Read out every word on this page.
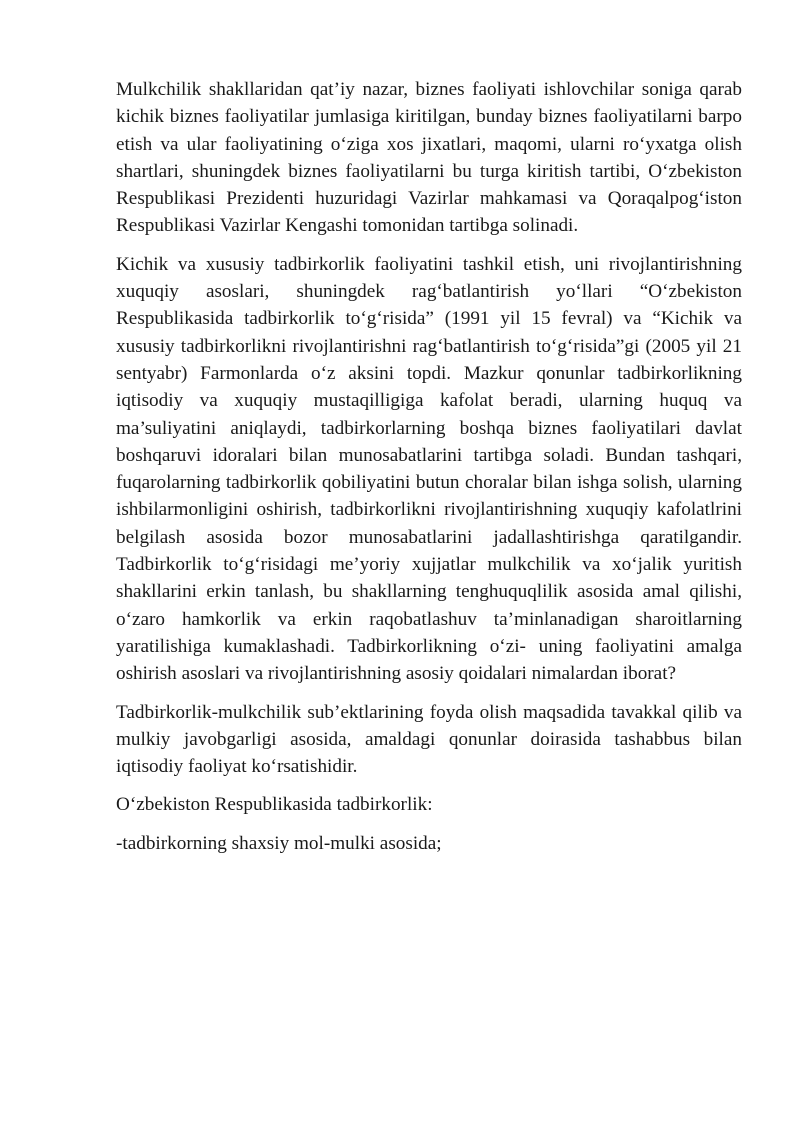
Mulkchilik shakllaridan qat’iy nazar, biznes faoliyati ishlovchilar soniga qarab kichik biznes faoliyatilar jumlasiga kiritilgan, bunday biznes faoliyatilarni barpo etish va ular faoliyatining o‘ziga xos jixatlari, maqomi, ularni ro‘yxatga olish shartlari, shuningdek biznes faoliyatilarni bu turga kiritish tartibi, O‘zbekiston Respublikasi Prezidenti huzuridagi Vazirlar mahkamasi va Qoraqalpog‘iston Respublikasi Vazirlar Kengashi tomonidan tartibga solinadi.

Kichik va xususiy tadbirkorlik faoliyatini tashkil etish, uni rivojlantirishning xuquqiy asoslari, shuningdek rag‘batlantirish yo‘llari “O‘zbekiston Respublikasida tadbirkorlik to‘g‘risida” (1991 yil 15 fevral) va “Kichik va xususiy tadbirkorlikni rivojlantirishni rag‘batlantirish to‘g‘risida”gi (2005 yil 21 sentyabr) Farmonlarda o‘z aksini topdi. Mazkur qonunlar tadbirkorlikning iqtisodiy va xuquqiy mustaqilligiga kafolat beradi, ularning huquq va ma’suliyatini aniqlaydi, tadbirkorlarning boshqa biznes faoliyatilari davlat boshqaruvi idoralari bilan munosabatlarini tartibga soladi. Bundan tashqari, fuqarolarning tadbirkorlik qobiliyatini butun choralar bilan ishga solish, ularning ishbilarmonligini oshirish, tadbirkorlikni rivojlantirishning xuquqiy kafolatlrini belgilash asosida bozor munosabatlarini jadallashtirishga qaratilgandir. Tadbirkorlik to‘g‘risidagi me’yoriy xujjatlar mulkchilik va xo‘jalik yuritish shakllarini erkin tanlash, bu shakllarning tenghuquqlilik asosida amal qilishi, o‘zaro hamkorlik va erkin raqobatlashuv ta’minlanadigan sharoitlarning yaratilishiga kumaklashadi. Tadbirkorlikning o‘zi- uning faoliyatini amalga oshirish asoslari va rivojlantirishning asosiy qoidalari nimalardan iborat?

Tadbirkorlik-mulkchilik sub’ektlarining foyda olish maqsadida tavakkal qilib va mulkiy javobgarligi asosida, amaldagi qonunlar doirasida tashabbus bilan iqtisodiy faoliyat ko‘rsatishidir.

O‘zbekiston Respublikasida tadbirkorlik:

-tadbirkorning shaxsiy mol-mulki asosida;
